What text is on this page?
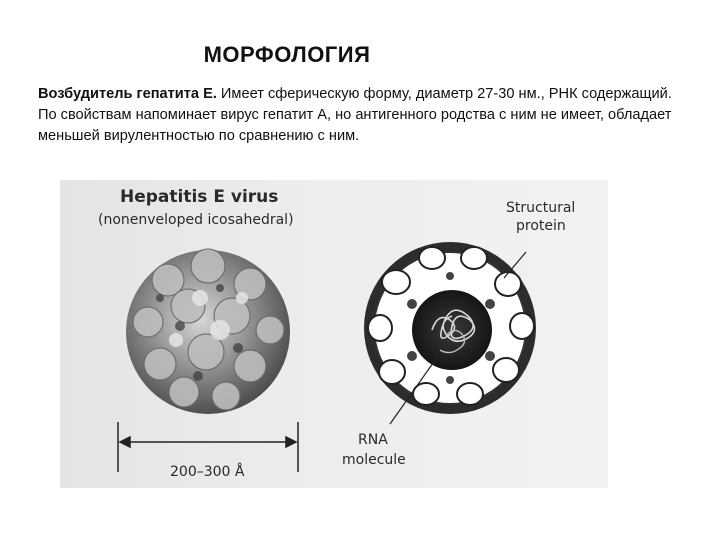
МОРФОЛОГИЯ
Возбудитель гепатита Е. Имеет сферическую форму, диаметр 27-30 нм., РНК содержащий. По свойствам напоминает вирус гепатит А, но антигенного родства с ним не имеет, обладает меньшей вирулентностью по сравнению с ним.
Hepatitis E virus
(nonenveloped icosahedral)
200–300 Å
Structural
protein
RNA
molecule
